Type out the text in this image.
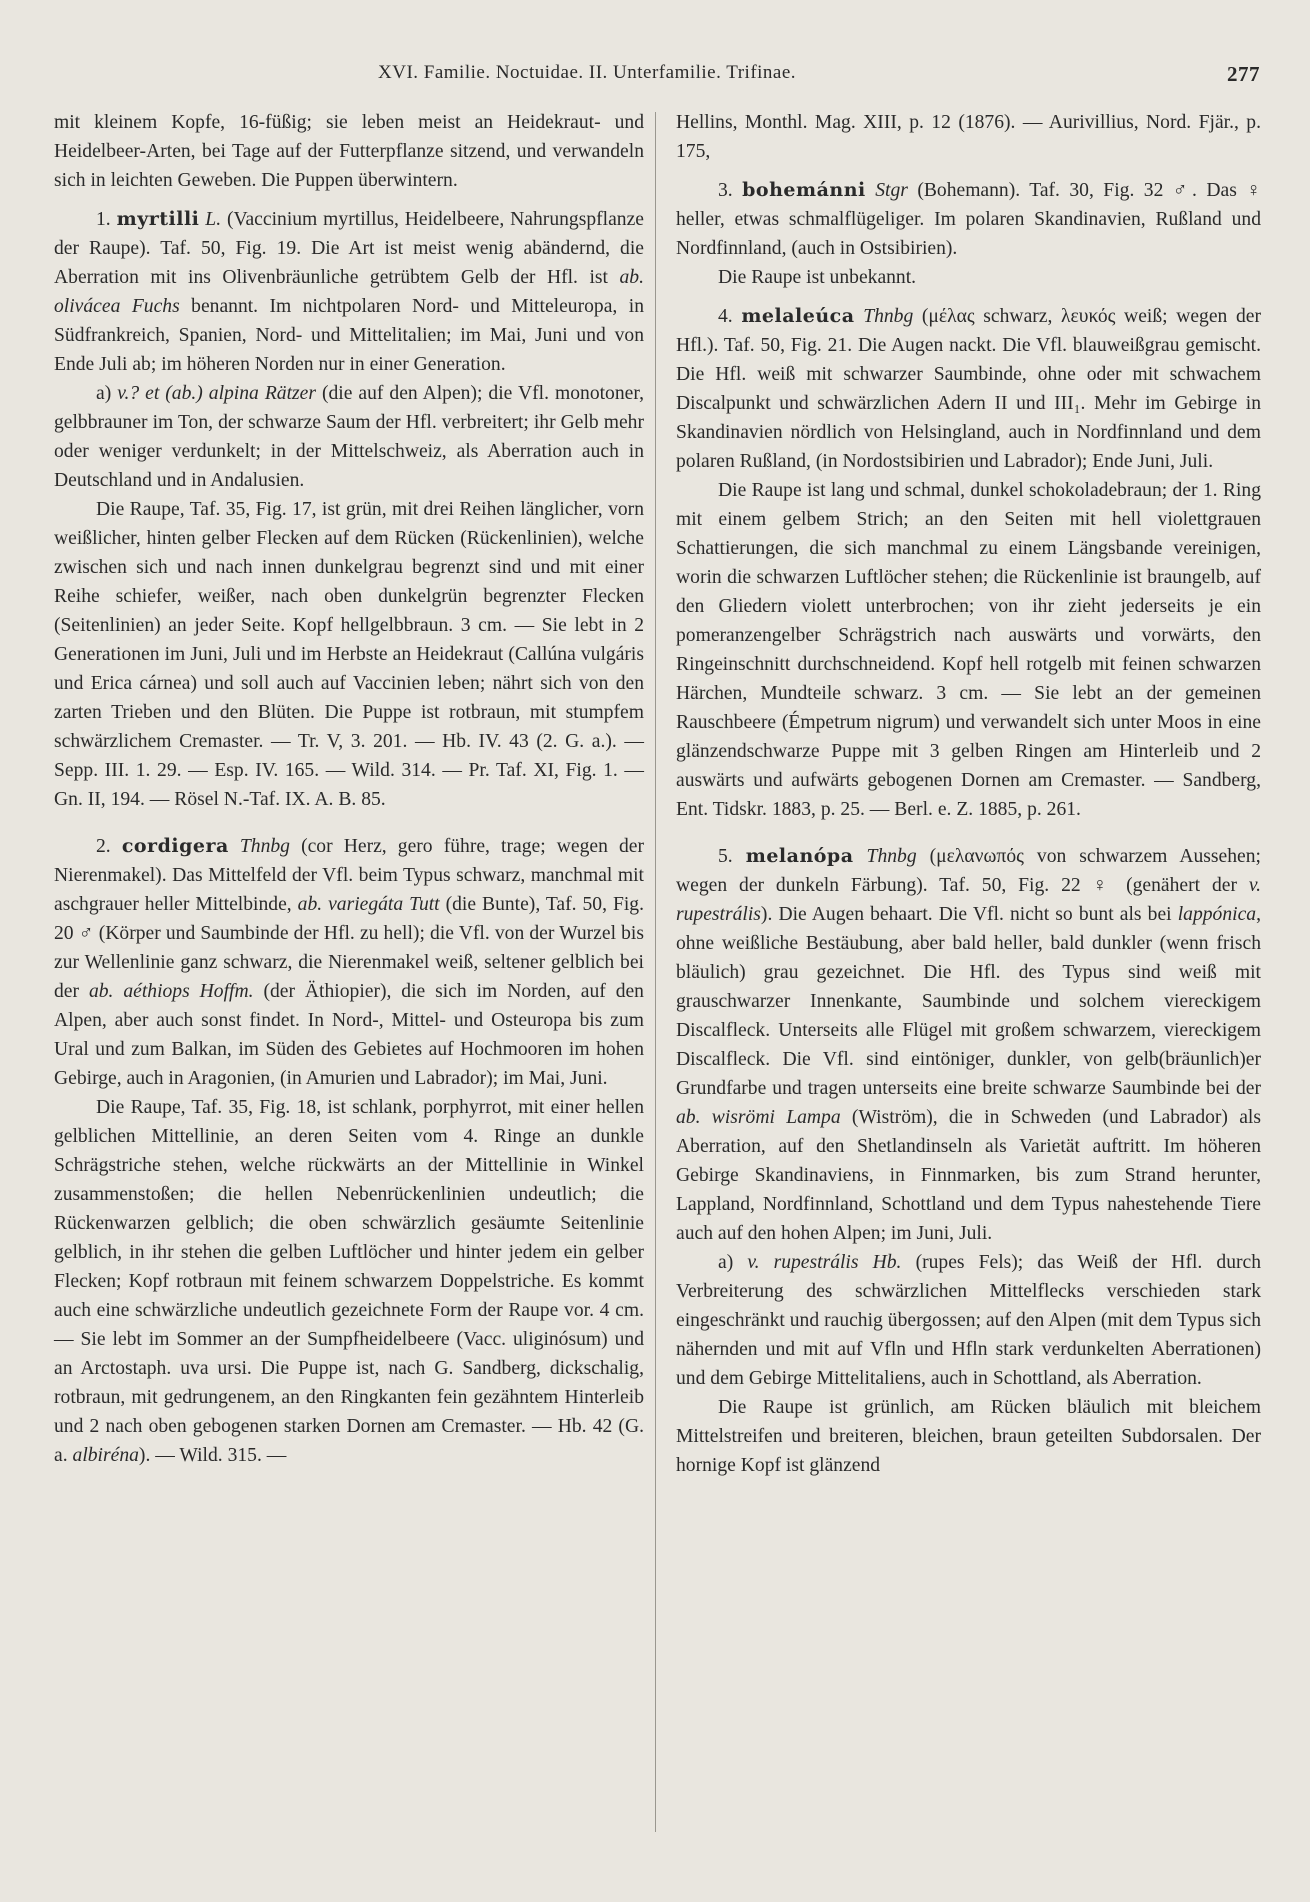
XVI. Familie. Noctuidae. II. Unterfamilie. Trifinae.	277

mit kleinem Kopfe, 16-füßig; sie leben meist an Heidekraut- und Heidelbeer-Arten, bei Tage auf der Futterpflanze sitzend, und verwandeln sich in leichten Geweben. Die Puppen überwintern.

1. myrtilli L. (Vaccinium myrtillus, Heidelbeere, Nahrungspflanze der Raupe). Taf. 50, Fig. 19. Die Art ist meist wenig abändernd, die Aberration mit ins Olivenbräunliche getrübtem Gelb der Hfl. ist ab. olivácea Fuchs benannt. Im nichtpolaren Nord- und Mitteleuropa, in Südfrankreich, Spanien, Nord- und Mittelitalien; im Mai, Juni und von Ende Juli ab; im höheren Norden nur in einer Generation.

a) v.? et (ab.) alpina Rätzer (die auf den Alpen); die Vfl. monotoner, gelbbrauner im Ton, der schwarze Saum der Hfl. verbreitert; ihr Gelb mehr oder weniger verdunkelt; in der Mittelschweiz, als Aberration auch in Deutschland und in Andalusien.

Die Raupe, Taf. 35, Fig. 17, ist grün, mit drei Reihen länglicher, vorn weißlicher, hinten gelber Flecken auf dem Rücken (Rückenlinien), welche zwischen sich und nach innen dunkelgrau begrenzt sind und mit einer Reihe schiefer, weißer, nach oben dunkelgrün begrenzter Flecken (Seitenlinien) an jeder Seite. Kopf hellgelbbraun. 3 cm. — Sie lebt in 2 Generationen im Juni, Juli und im Herbste an Heidekraut (Callúna vulgáris und Erica cárnea) und soll auch auf Vaccinien leben; nährt sich von den zarten Trieben und den Blüten. Die Puppe ist rotbraun, mit stumpfem schwärzlichem Cremaster. — Tr. V, 3. 201. — Hb. IV. 43 (2. G. a.). — Sepp. III. 1. 29. — Esp. IV. 165. — Wild. 314. — Pr. Taf. XI, Fig. 1. — Gn. II, 194. — Rösel N.-Taf. IX. A. B. 85.

2. cordigera Thnbg (cor Herz, gero führe, trage; wegen der Nierenmakel). Das Mittelfeld der Vfl. beim Typus schwarz, manchmal mit aschgrauer heller Mittelbinde, ab. variegáta Tutt (die Bunte), Taf. 50, Fig. 20 ♂ (Körper und Saumbinde der Hfl. zu hell); die Vfl. von der Wurzel bis zur Wellenlinie ganz schwarz, die Nierenmakel weiß, seltener gelblich bei der ab. aéthiops Hoffm. (der Äthiopier), die sich im Norden, auf den Alpen, aber auch sonst findet. In Nord-, Mittel- und Osteuropa bis zum Ural und zum Balkan, im Süden des Gebietes auf Hochmooren im hohen Gebirge, auch in Aragonien, (in Amurien und Labrador); im Mai, Juni.

Die Raupe, Taf. 35, Fig. 18, ist schlank, porphyrrot, mit einer hellen gelblichen Mittellinie, an deren Seiten vom 4. Ringe an dunkle Schrägstriche stehen, welche rückwärts an der Mittellinie in Winkel zusammenstoßen; die hellen Nebenrückenlinien undeutlich; die Rückenwarzen gelblich; die oben schwärzlich gesäumte Seitenlinie gelblich, in ihr stehen die gelben Luftlöcher und hinter jedem ein gelber Flecken; Kopf rotbraun mit feinem schwarzem Doppelstriche. Es kommt auch eine schwärzliche undeutlich gezeichnete Form der Raupe vor. 4 cm. — Sie lebt im Sommer an der Sumpfheidelbeere (Vacc. uliginósum) und an Arctostaph. uva ursi. Die Puppe ist, nach G. Sandberg, dickschalig, rotbraun, mit gedrungenem, an den Ringkanten fein gezähntem Hinterleib und 2 nach oben gebogenen starken Dornen am Cremaster. — Hb. 42 (G. a. albiréna). — Wild. 315. —

Hellins, Monthl. Mag. XIII, p. 12 (1876). — Aurivillius, Nord. Fjär., p. 175,

3. bohemánni Stgr (Bohemann). Taf. 30, Fig. 32 ♂. Das ♀ heller, etwas schmalflügeliger. Im polaren Skandinavien, Rußland und Nordfinnland, (auch in Ostsibirien).

Die Raupe ist unbekannt.

4. melaleúca Thnbg (μέλας schwarz, λευκός weiß; wegen der Hfl.). Taf. 50, Fig. 21. Die Augen nackt. Die Vfl. blauweißgrau gemischt. Die Hfl. weiß mit schwarzer Saumbinde, ohne oder mit schwachem Discalpunkt und schwärzlichen Adern II und III₁. Mehr im Gebirge in Skandinavien nördlich von Helsingland, auch in Nordfinnland und dem polaren Rußland, (in Nordostsibirien und Labrador); Ende Juni, Juli.

Die Raupe ist lang und schmal, dunkel schokoladebraun; der 1. Ring mit einem gelbem Strich; an den Seiten mit hell violettgrauen Schattierungen, die sich manchmal zu einem Längsbande vereinigen, worin die schwarzen Luftlöcher stehen; die Rückenlinie ist braungelb, auf den Gliedern violett unterbrochen; von ihr zieht jederseits je ein pomeranzengelber Schrägstrich nach auswärts und vorwärts, den Ringeinschnitt durchschneidend. Kopf hell rotgelb mit feinen schwarzen Härchen, Mundteile schwarz. 3 cm. — Sie lebt an der gemeinen Rauschbeere (Émpetrum nigrum) und verwandelt sich unter Moos in eine glänzendschwarze Puppe mit 3 gelben Ringen am Hinterleib und 2 auswärts und aufwärts gebogenen Dornen am Cremaster. — Sandberg, Ent. Tidskr. 1883, p. 25. — Berl. e. Z. 1885, p. 261.

5. melanópa Thnbg (μελανωπός von schwarzem Aussehen; wegen der dunkeln Färbung). Taf. 50, Fig. 22 ♀ (genähert der v. rupestrális). Die Augen behaart. Die Vfl. nicht so bunt als bei lappónica, ohne weißliche Bestäubung, aber bald heller, bald dunkler (wenn frisch bläulich) grau gezeichnet. Die Hfl. des Typus sind weiß mit grauschwarzer Innenkante, Saumbinde und solchem viereckigem Discalfleck. Unterseits alle Flügel mit großem schwarzem, viereckigem Discalfleck. Die Vfl. sind eintöniger, dunkler, von gelb(bräunlich)er Grundfarbe und tragen unterseits eine breite schwarze Saumbinde bei der ab. wisrömi Lampa (Wiström), die in Schweden (und Labrador) als Aberration, auf den Shetlandinseln als Varietät auftritt. Im höheren Gebirge Skandinaviens, in Finnmarken, bis zum Strand herunter, Lappland, Nordfinnland, Schottland und dem Typus nahestehende Tiere auch auf den hohen Alpen; im Juni, Juli.

a) v. rupestrális Hb. (rupes Fels); das Weiß der Hfl. durch Verbreiterung des schwärzlichen Mittelflecks verschieden stark eingeschränkt und rauchig übergossen; auf den Alpen (mit dem Typus sich nähernden und mit auf Vfln und Hfln stark verdunkelten Aberrationen) und dem Gebirge Mittelitaliens, auch in Schottland, als Aberration.

Die Raupe ist grünlich, am Rücken bläulich mit bleichem Mittelstreifen und breiteren, bleichen, braun geteilten Subdorsalen. Der hornige Kopf ist glänzend
